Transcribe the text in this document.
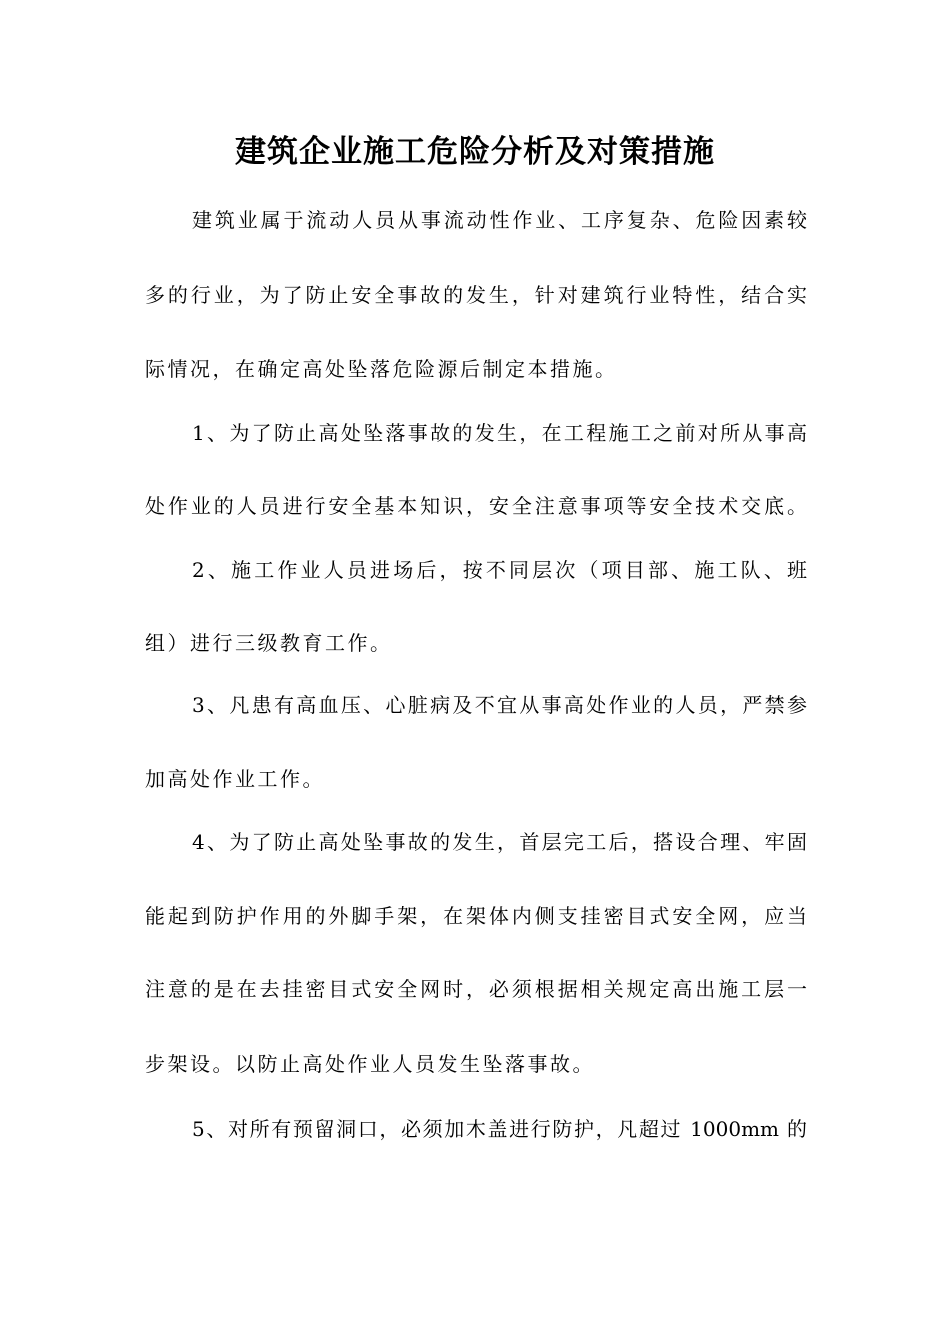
建筑企业施工危险分析及对策措施
建筑业属于流动人员从事流动性作业、工序复杂、危险因素较
多的行业，为了防止安全事故的发生，针对建筑行业特性，结合实
际情况，在确定高处坠落危险源后制定本措施。
1、为了防止高处坠落事故的发生，在工程施工之前对所从事高
处作业的人员进行安全基本知识，安全注意事项等安全技术交底。
2、施工作业人员进场后，按不同层次（项目部、施工队、班
组）进行三级教育工作。
3、凡患有高血压、心脏病及不宜从事高处作业的人员，严禁参
加高处作业工作。
4、为了防止高处坠事故的发生，首层完工后，搭设合理、牢固
能起到防护作用的外脚手架，在架体内侧支挂密目式安全网，应当
注意的是在去挂密目式安全网时，必须根据相关规定高出施工层一
步架设。以防止高处作业人员发生坠落事故。
5、对所有预留洞口，必须加木盖进行防护，凡超过 1000mm 的
